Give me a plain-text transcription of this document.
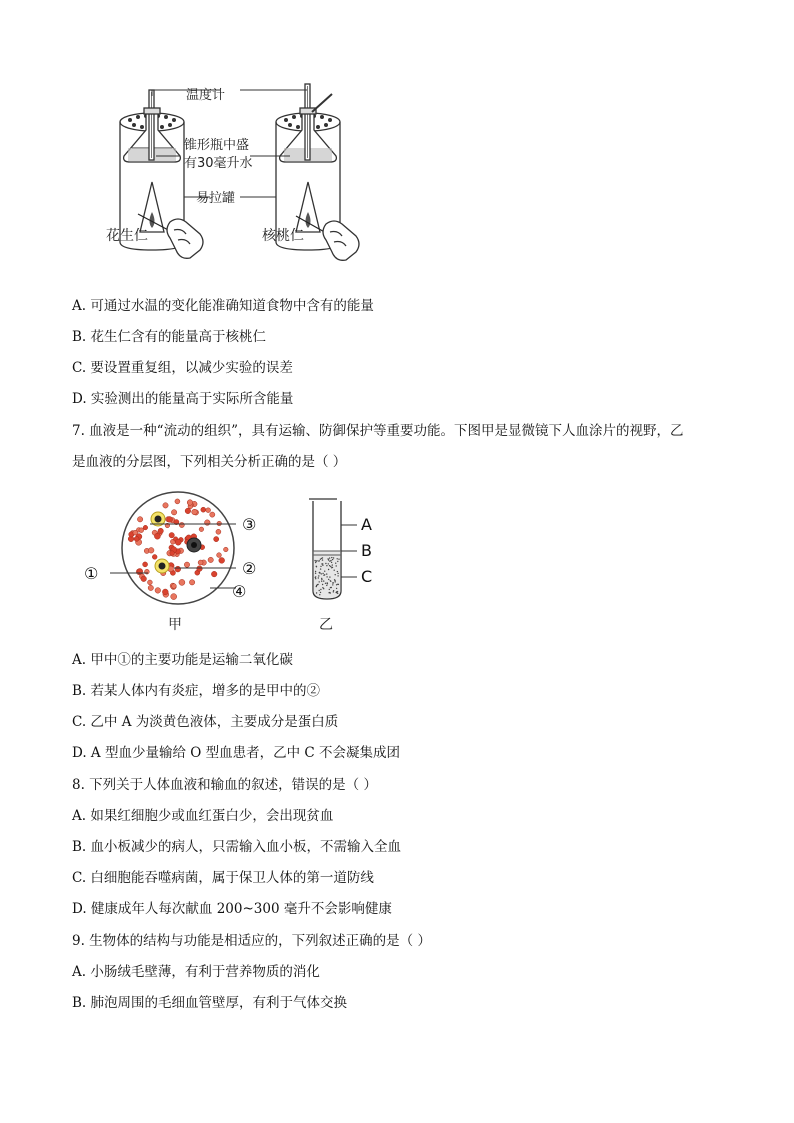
温度计
锥形瓶中盛
有30毫升水
易拉罐
花生仁	核桃仁
A. 可通过水温的变化能准确知道食物中含有的能量
B. 花生仁含有的能量高于核桃仁
C. 要设置重复组，以减少实验的误差
D. 实验测出的能量高于实际所含能量
7. 血液是一种“流动的组织”，具有运输、防御保护等重要功能。下图甲是显微镜下人血涂片的视野，乙
是血液的分层图，下列相关分析正确的是（ ）
③
②
①
④
甲
A
B
C
乙
A. 甲中①的主要功能是运输二氧化碳
B. 若某人体内有炎症，增多的是甲中的②
C. 乙中 A 为淡黄色液体，主要成分是蛋白质
D. A 型血少量输给 O 型血患者，乙中 C 不会凝集成团
8. 下列关于人体血液和输血的叙述，错误的是（ ）
A. 如果红细胞少或血红蛋白少，会出现贫血
B. 血小板减少的病人，只需输入血小板，不需输入全血
C. 白细胞能吞噬病菌，属于保卫人体的第一道防线
D. 健康成年人每次献血 200~300 毫升不会影响健康
9. 生物体的结构与功能是相适应的，下列叙述正确的是（ ）
A. 小肠绒毛壁薄，有利于营养物质的消化
B. 肺泡周围的毛细血管壁厚，有利于气体交换
